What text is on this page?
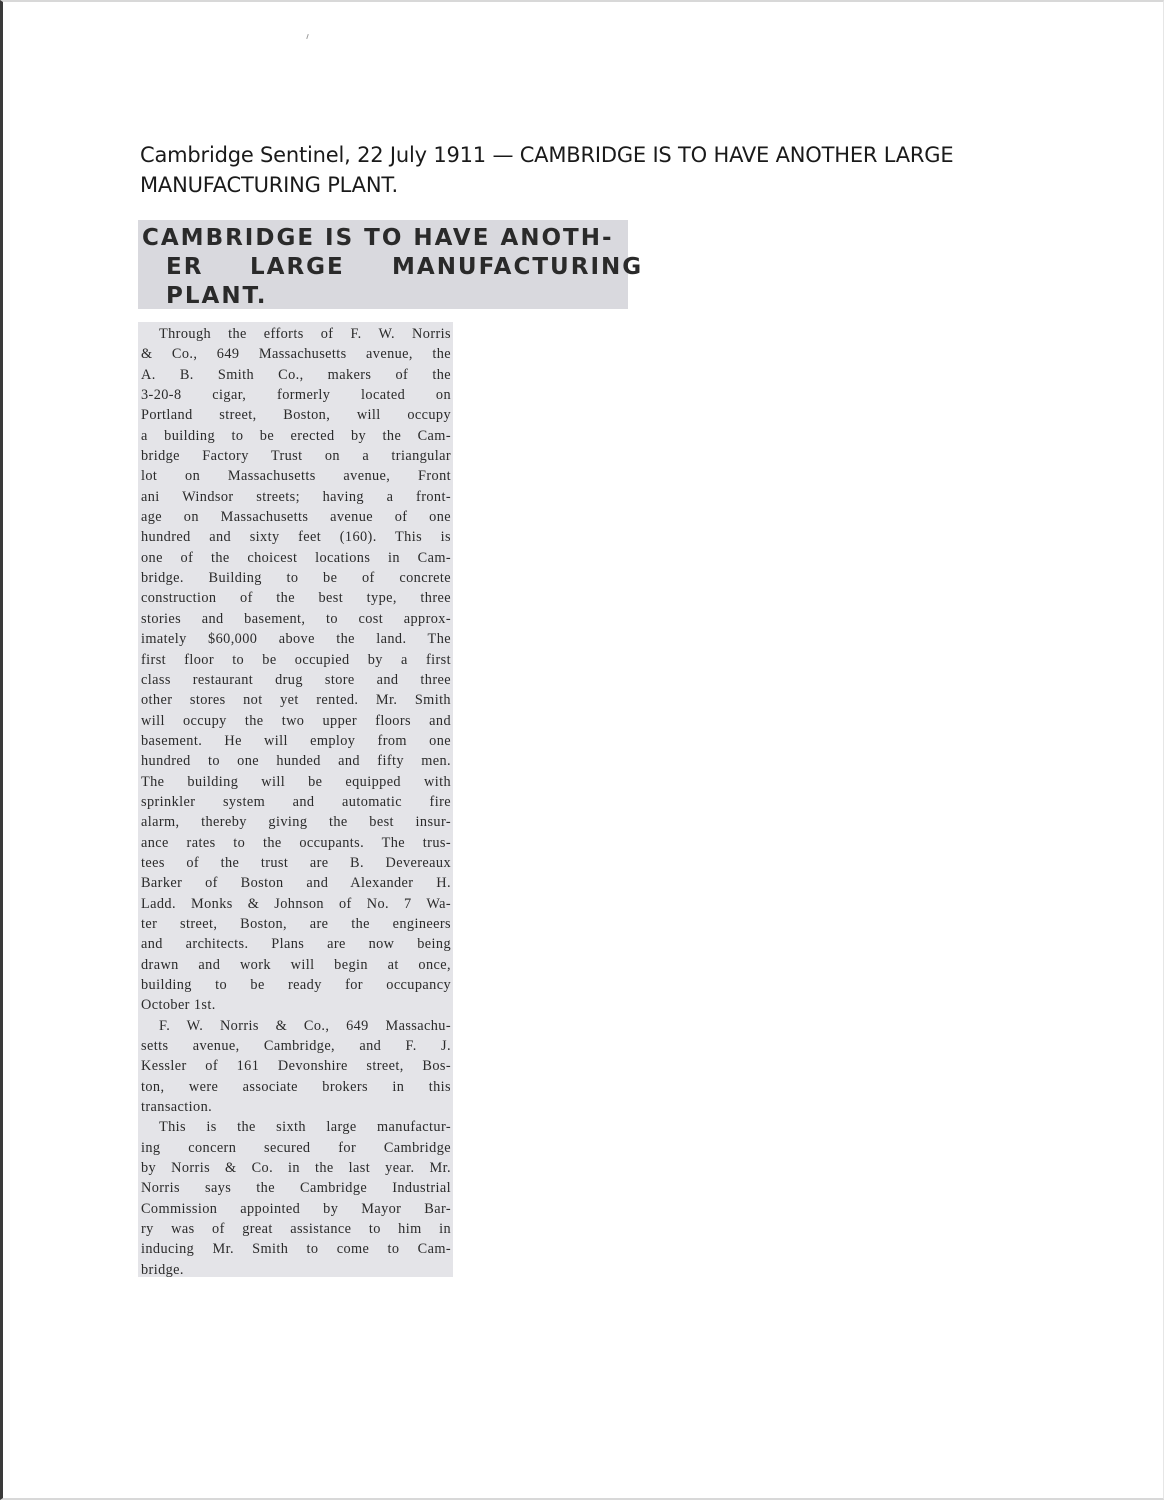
Cambridge Sentinel, 22 July 1911 — CAMBRIDGE IS TO HAVE ANOTHER LARGE MANUFACTURING PLANT.
CAMBRIDGE IS TO HAVE ANOTH-
ER LARGE MANUFACTURING
PLANT.
Through the efforts of F. W. Norris
& Co., 649 Massachusetts avenue, the
A. B. Smith Co., makers of the
3-20-8 cigar, formerly located on
Portland street, Boston, will occupy
a building to be erected by the Cam-
bridge Factory Trust on a triangular
lot on Massachusetts avenue, Front
ani Windsor streets; having a front-
age on Massachusetts avenue of one
hundred and sixty feet (160). This is
one of the choicest locations in Cam-
bridge. Building to be of concrete
construction of the best type, three
stories and basement, to cost approx-
imately $60,000 above the land. The
first floor to be occupied by a first
class restaurant drug store and three
other stores not yet rented. Mr. Smith
will occupy the two upper floors and
basement. He will employ from one
hundred to one hunded and fifty men.
The building will be equipped with
sprinkler system and automatic fire
alarm, thereby giving the best insur-
ance rates to the occupants. The trus-
tees of the trust are B. Devereaux
Barker of Boston and Alexander H.
Ladd. Monks & Johnson of No. 7 Wa-
ter street, Boston, are the engineers
and architects. Plans are now being
drawn and work will begin at once,
building to be ready for occupancy
October 1st.
F. W. Norris & Co., 649 Massachu-
setts avenue, Cambridge, and F. J.
Kessler of 161 Devonshire street, Bos-
ton, were associate brokers in this
transaction.
This is the sixth large manufactur-
ing concern secured for Cambridge
by Norris & Co. in the last year. Mr.
Norris says the Cambridge Industrial
Commission appointed by Mayor Bar-
ry was of great assistance to him in
inducing Mr. Smith to come to Cam-
bridge.
